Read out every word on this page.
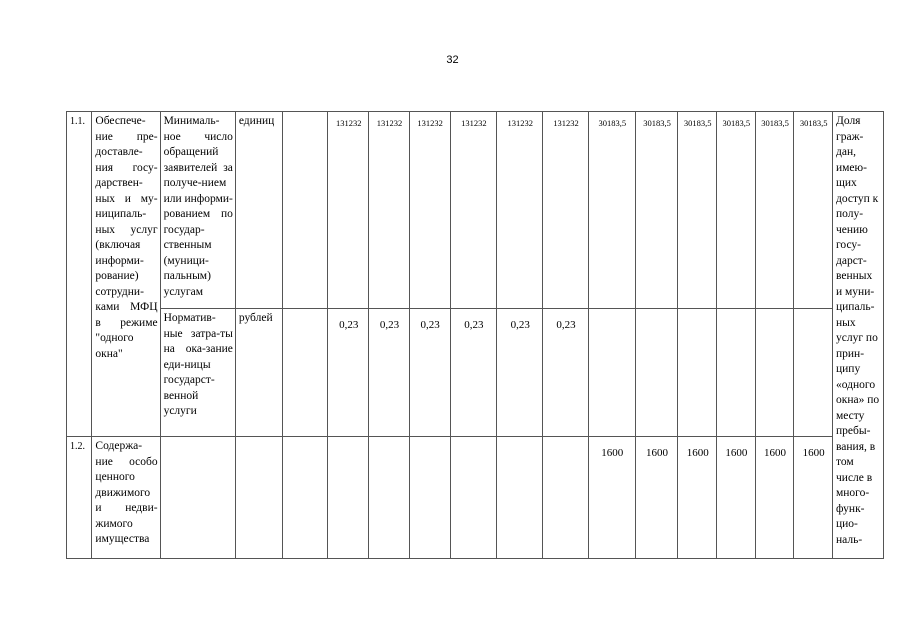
32
1.1.	Обеспече-ние пре-доставле-ния госу-дарствен-ных и му-ниципаль-ных услуг (включая информи-рование) сотрудни-ками МФЦ в режиме "одного окна"	Минималь-ное число обращений заявителей за получе-нием или информи-рованием по государ-ственным (муници-пальным) услугам	единиц		131232	131232	131232	131232	131232	131232	30183,5	30183,5	30183,5	30183,5	30183,5	30183,5	Доля граж-дан, имею-щих доступ к полу-чению госу-дарст-венных и муни-ципаль-ных услуг по прин-ципу «одного окна» по месту пребы-вания, в том числе в много-функ-цио-наль-
		Норматив-ные затра-ты на ока-зание еди-ницы государст-венной услуги	рублей		0,23	0,23	0,23	0,23	0,23	0,23							
1.2.	Содержа-ние особо ценного движимого и недви-жимого имущества										1600	1600	1600	1600	1600	1600	
